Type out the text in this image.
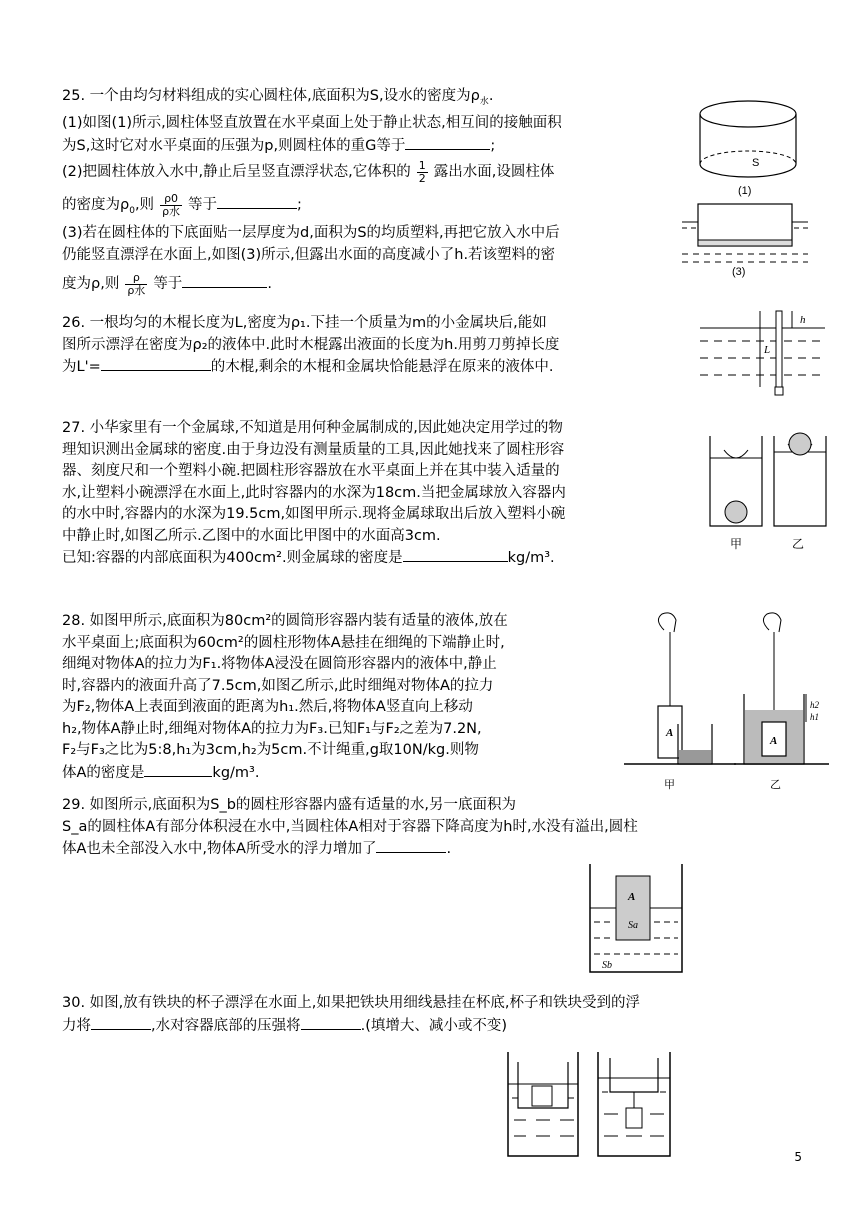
25. 一个由均匀材料组成的实心圆柱体,底面积为S,设水的密度为$\rho_水$.

(1)如图(1)所示,圆柱体竖直放置在水平桌面上处于静止状态,相互间的接触面积

为S,这时它对水平桌面的压强为p,则圆柱体的重G等于	;

(2)把圆柱体放入水中,静止后呈竖直漂浮状态,它体积的 $\frac{1}{2}$ 露出水面,设圆柱体

的密度为$\rho_0$,则 $\frac{\rho 0}{\text{ρ水}}$ 等于	;

(3)若在圆柱体的下底面贴一层厚度为d,面积为S的均质塑料,再把它放入水中后

仍能竖直漂浮在水面上,如图(3)所示,但露出水面的高度减小了h.若该塑料的密

度为ρ,则 $\frac{\rho}{\text{ρ水}}$ 等于	.

S
(1)
(3)

26. 一根均匀的木棍长度为L,密度为ρ₁.下挂一个质量为m的小金属块后,能如

图所示漂浮在密度为ρ₂的液体中.此时木棍露出液面的长度为h.用剪刀剪掉长度

为L'=	的木棍,剩余的木棍和金属块恰能悬浮在原来的液体中.

L
h

27. 小华家里有一个金属球,不知道是用何种金属制成的,因此她决定用学过的物

理知识测出金属球的密度.由于身边没有测量质量的工具,因此她找来了圆柱形容

器、刻度尺和一个塑料小碗.把圆柱形容器放在水平桌面上并在其中装入适量的

水,让塑料小碗漂浮在水面上,此时容器内的水深为18cm.当把金属球放入容器内

的水中时,容器内的水深为19.5cm,如图甲所示.现将金属球取出后放入塑料小碗

中静止时,如图乙所示.乙图中的水面比甲图中的水面高3cm.

已知:容器的内部底面积为400cm².则金属球的密度是	kg/m³.

甲	乙

28. 如图甲所示,底面积为80cm²的圆筒形容器内装有适量的液体,放在

水平桌面上;底面积为60cm²的圆柱形物体A悬挂在细绳的下端静止时,

细绳对物体A的拉力为F₁.将物体A浸没在圆筒形容器内的液体中,静止

时,容器内的液面升高了7.5cm,如图乙所示,此时细绳对物体A的拉力

为F₂,物体A上表面到液面的距离为h₁.然后,将物体A竖直向上移动

h₂,物体A静止时,细绳对物体A的拉力为F₃.已知F₁与F₂之差为7.2N,

F₂与F₃之比为5:8,h₁为3cm,h₂为5cm.不计绳重,g取10N/kg.则物

体A的密度是	kg/m³.

A
甲
A
h2
h1
乙

29. 如图所示,底面积为S_b的圆柱形容器内盛有适量的水,另一底面积为

S_a的圆柱体A有部分体积浸在水中,当圆柱体A相对于容器下降高度为h时,水没有溢出,圆柱

体A也未全部没入水中,物体A所受水的浮力增加了	.

A
Sa
Sb

30. 如图,放有铁块的杯子漂浮在水面上,如果把铁块用细线悬挂在杯底,杯子和铁块受到的浮

力将	,水对容器底部的压强将	.(填增大、减小或不变)

5
